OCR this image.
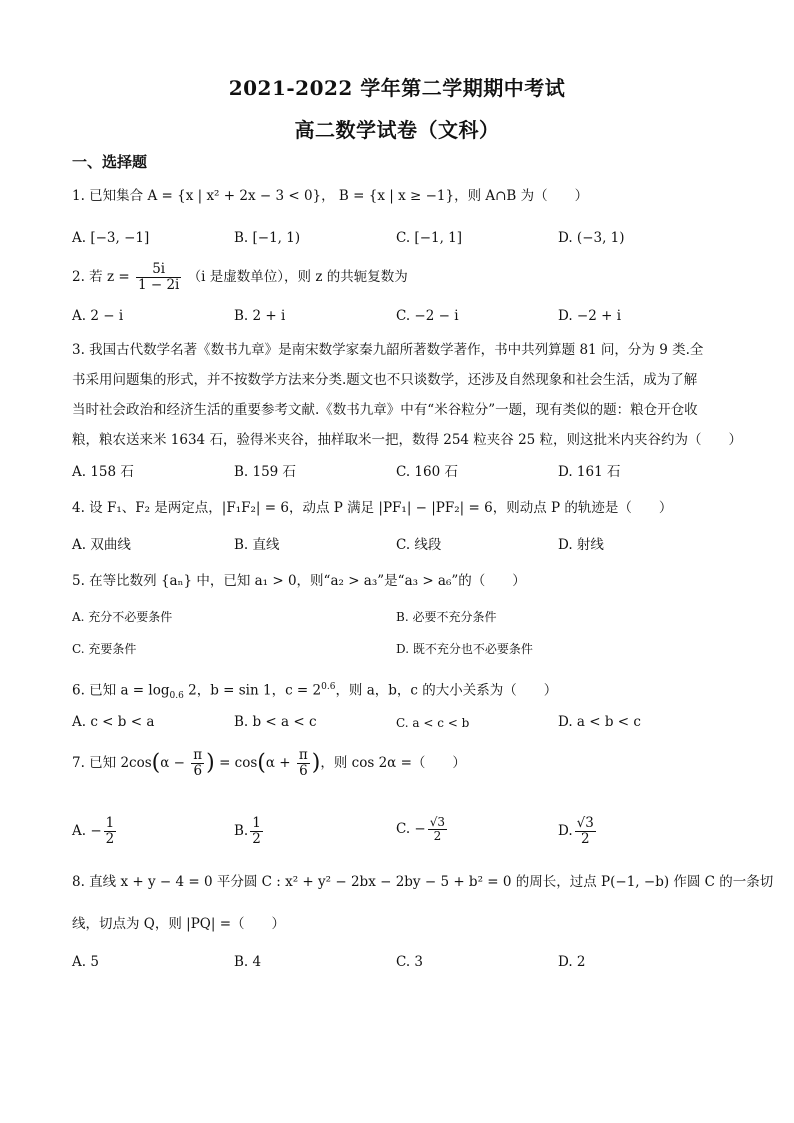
2021-2022 学年第二学期期中考试
高二数学试卷（文科）
一、选择题
1. 已知集合 A = {x | x² + 2x − 3 < 0}， B = {x | x ≥ −1}，则 A∩B 为（　　）
A. [−3, −1]	B. [−1, 1)	C. [−1, 1]	D. (−3, 1)
2. 若 $z = \frac{5i}{1 - 2i} (i$ 是虚数单位），则 z 的共轭复数为
A. 2 − i	B. 2 + i	C. −2 − i	D. −2 + i
3. 我国古代数学名著《数书九章》是南宋数学家秦九韶所著数学著作，书中共列算题 81 问，分为 9 类.全
书采用问题集的形式，并不按数学方法来分类.题文也不只谈数学，还涉及自然现象和社会生活，成为了解
当时社会政治和经济生活的重要参考文献.《数书九章》中有“米谷粒分”一题，现有类似的题：粮仓开仓收
粮，粮农送来米 1634 石，验得米夹谷，抽样取米一把，数得 254 粒夹谷 25 粒，则这批米内夹谷约为（　　）
A. 158 石	B. 159 石	C. 160 石	D. 161 石
4. 设 F₁、F₂ 是两定点，|F₁F₂| = 6，动点 P 满足 |PF₁| − |PF₂| = 6，则动点 P 的轨迹是（　　）
A. 双曲线	B. 直线	C. 线段	D. 射线
5. 在等比数列 {aₙ} 中，已知 a₁ > 0，则“a₂ > a₃”是“a₃ > a₆”的（　　）
A. 充分不必要条件	B. 必要不充分条件
C. 充要条件	D. 既不充分也不必要条件
6. 已知 $a = \log_{0.6} 2$，b = sin 1，$c = 2^{0.6}$，则 a，b，c 的大小关系为（　　）
A. c < b < a	B. b < a < c	C. a < c < b	D. a < b < c
7. 已知 $2\cos(\alpha - \frac{\pi}{6}$ ) = $\cos(\alpha + \frac{\pi}{6}$ )，则 cos 2α =（　　）
A. − $\frac{1}{2}$	B. $\frac{1}{2}$	C. − $\frac{√3}{2}$	D. $\frac{√3}{2}$
8. 直线 x + y − 4 = 0 平分圆 C : x² + y² − 2bx − 2by − 5 + b² = 0 的周长，过点 P(−1, −b) 作圆 C 的一条切
线，切点为 Q，则 |PQ| =（　　）
A. 5	B. 4	C. 3	D. 2
